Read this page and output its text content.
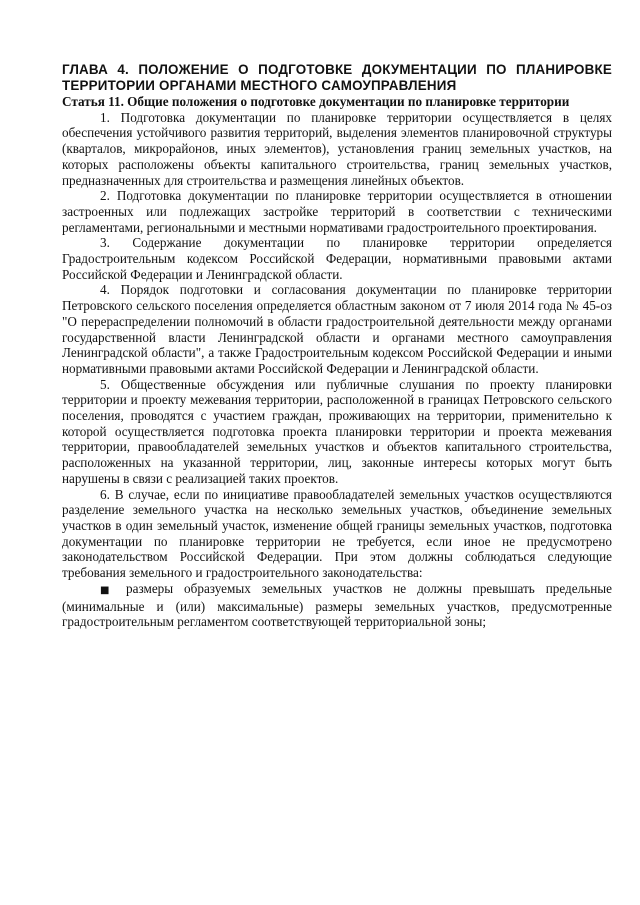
ГЛАВА 4. ПОЛОЖЕНИЕ О ПОДГОТОВКЕ ДОКУМЕНТАЦИИ ПО ПЛАНИРОВКЕ ТЕРРИТОРИИ ОРГАНАМИ МЕСТНОГО САМОУПРАВЛЕНИЯ
Статья 11. Общие положения о подготовке документации по планировке территории

1. Подготовка документации по планировке территории осуществляется в целях обеспечения устойчивого развития территорий, выделения элементов планировочной структуры (кварталов, микрорайонов, иных элементов), установления границ земельных участков, на которых расположены объекты капитального строительства, границ земельных участков, предназначенных для строительства и размещения линейных объектов.

2. Подготовка документации по планировке территории осуществляется в отношении застроенных или подлежащих застройке территорий в соответствии с техническими регламентами, региональными и местными нормативами градостроительного проектирования.

3. Содержание документации по планировке территории определяется Градостроительным кодексом Российской Федерации, нормативными правовыми актами Российской Федерации и Ленинградской области.

4. Порядок подготовки и согласования документации по планировке территории Петровского сельского поселения определяется областным законом от 7 июля 2014 года № 45-оз "О перераспределении полномочий в области градостроительной деятельности между органами государственной власти Ленинградской области и органами местного самоуправления Ленинградской области", а также Градостроительным кодексом Российской Федерации и иными нормативными правовыми актами Российской Федерации и Ленинградской области.

5. Общественные обсуждения или публичные слушания по проекту планировки территории и проекту межевания территории, расположенной в границах Петровского сельского поселения, проводятся с участием граждан, проживающих на территории, применительно к которой осуществляется подготовка проекта планировки территории и проекта межевания территории, правообладателей земельных участков и объектов капитального строительства, расположенных на указанной территории, лиц, законные интересы которых могут быть нарушены в связи с реализацией таких проектов.

6. В случае, если по инициативе правообладателей земельных участков осуществляются разделение земельного участка на несколько земельных участков, объединение земельных участков в один земельный участок, изменение общей границы земельных участков, подготовка документации по планировке территории не требуется, если иное не предусмотрено законодательством Российской Федерации. При этом должны соблюдаться следующие требования земельного и градостроительного законодательства:

■ размеры образуемых земельных участков не должны превышать предельные (минимальные и (или) максимальные) размеры земельных участков, предусмотренные градостроительным регламентом соответствующей территориальной зоны;
